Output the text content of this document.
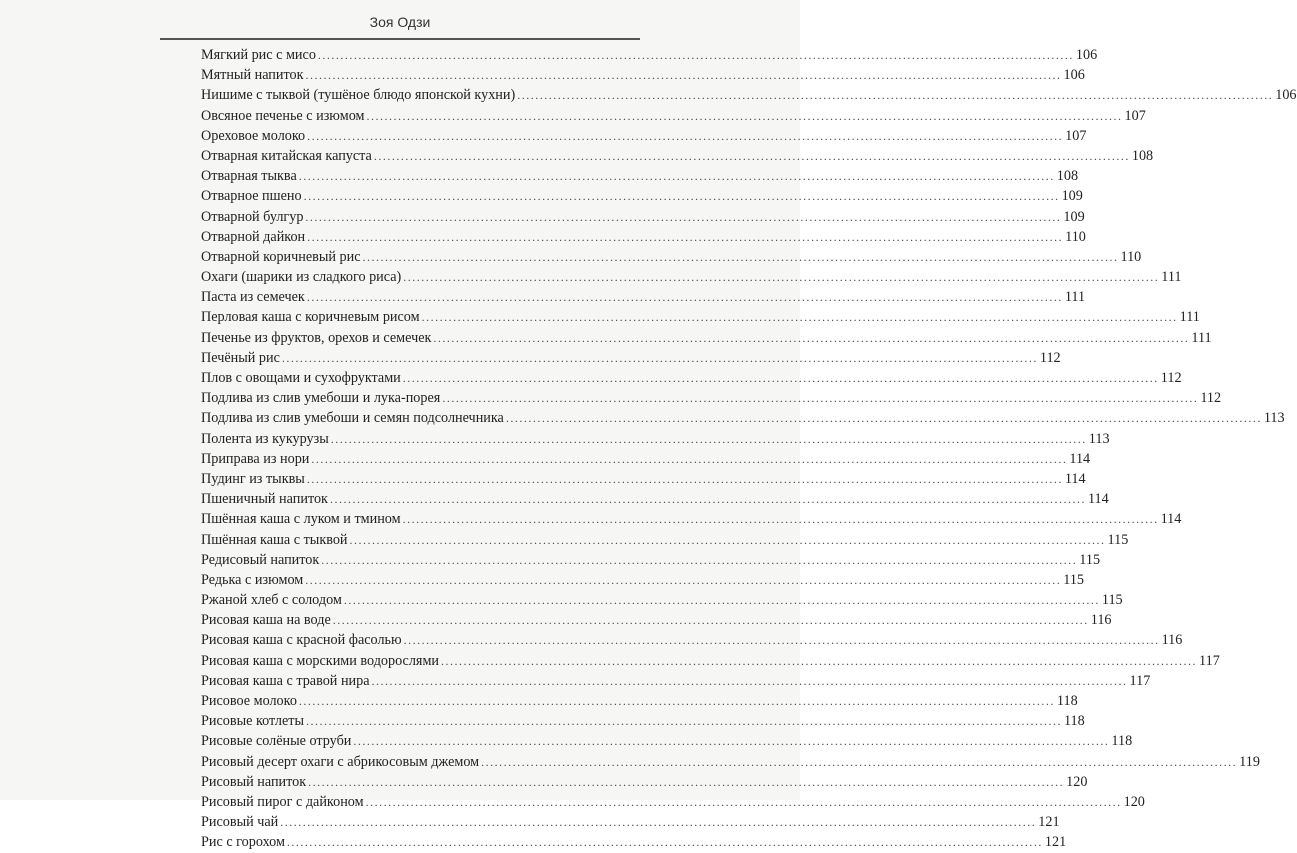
Зоя Одзи
Мягкий рис с мисо .....	106
Мятный напиток .....	106
Нишиме с тыквой (тушёное блюдо японской кухни) .....	106
Овсяное печенье с изюмом .....	107
Ореховое молоко .....	107
Отварная китайская капуста .....	108
Отварная тыква .....	108
Отварное пшено .....	109
Отварной булгур .....	109
Отварной дайкон .....	110
Отварной коричневый рис .....	110
Охаги (шарики из сладкого риса) .....	111
Паста из семечек .....	111
Перловая каша с коричневым рисом .....	111
Печенье из фруктов, орехов и семечек .....	111
Печёный рис .....	112
Плов с овощами и сухофруктами .....	112
Подлива из слив умебоши и лука-порея .....	112
Подлива из слив умебоши и семян подсолнечника .....	113
Полента из кукурузы .....	113
Приправа из нори .....	114
Пудинг из тыквы .....	114
Пшеничный напиток .....	114
Пшённая каша с луком и тмином .....	114
Пшённая каша с тыквой .....	115
Редисовый напиток .....	115
Редька с изюмом .....	115
Ржаной хлеб с солодом .....	115
Рисовая каша на воде .....	116
Рисовая каша с красной фасолью .....	116
Рисовая каша с морскими водорослями .....	117
Рисовая каша с травой нира .....	117
Рисовое молоко .....	118
Рисовые котлеты .....	118
Рисовые солёные отруби .....	118
Рисовый десерт охаги с абрикосовым джемом .....	119
Рисовый напиток .....	120
Рисовый пирог с дайконом .....	120
Рисовый чай .....	121
Рис с горохом .....	121
